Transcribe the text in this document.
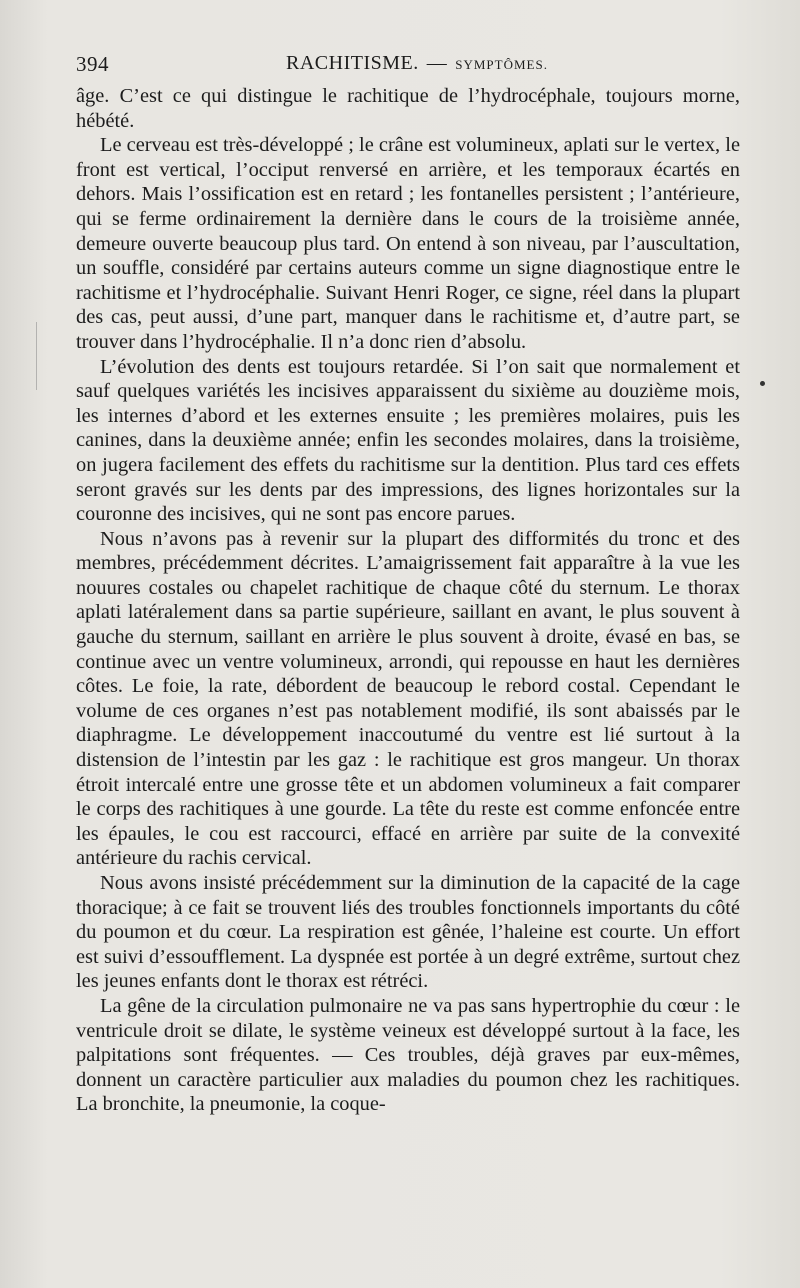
394	RACHITISME. — SYMPTÔMES.

âge. C’est ce qui distingue le rachitique de l’hydrocéphale, toujours morne, hébété.

Le cerveau est très-développé ; le crâne est volumineux, aplati sur le vertex, le front est vertical, l’occiput renversé en arrière, et les temporaux écartés en dehors. Mais l’ossification est en retard ; les fontanelles persistent ; l’antérieure, qui se ferme ordinairement la dernière dans le cours de la troisième année, demeure ouverte beaucoup plus tard. On entend à son niveau, par l’auscultation, un souffle, considéré par certains auteurs comme un signe diagnostique entre le rachitisme et l’hydrocéphalie. Suivant Henri Roger, ce signe, réel dans la plupart des cas, peut aussi, d’une part, manquer dans le rachitisme et, d’autre part, se trouver dans l’hydrocéphalie. Il n’a donc rien d’absolu.

L’évolution des dents est toujours retardée. Si l’on sait que normalement et sauf quelques variétés les incisives apparaissent du sixième au douzième mois, les internes d’abord et les externes ensuite ; les premières molaires, puis les canines, dans la deuxième année; enfin les secondes molaires, dans la troisième, on jugera facilement des effets du rachitisme sur la dentition. Plus tard ces effets seront gravés sur les dents par des impressions, des lignes horizontales sur la couronne des incisives, qui ne sont pas encore parues.

Nous n’avons pas à revenir sur la plupart des difformités du tronc et des membres, précédemment décrites. L’amaigrissement fait apparaître à la vue les nouures costales ou chapelet rachitique de chaque côté du sternum. Le thorax aplati latéralement dans sa partie supérieure, saillant en avant, le plus souvent à gauche du sternum, saillant en arrière le plus souvent à droite, évasé en bas, se continue avec un ventre volumineux, arrondi, qui repousse en haut les dernières côtes. Le foie, la rate, débordent de beaucoup le rebord costal. Cependant le volume de ces organes n’est pas notablement modifié, ils sont abaissés par le diaphragme. Le développement inaccoutumé du ventre est lié surtout à la distension de l’intestin par les gaz : le rachitique est gros mangeur. Un thorax étroit intercalé entre une grosse tête et un abdomen volumineux a fait comparer le corps des rachitiques à une gourde. La tête du reste est comme enfoncée entre les épaules, le cou est raccourci, effacé en arrière par suite de la convexité antérieure du rachis cervical.

Nous avons insisté précédemment sur la diminution de la capacité de la cage thoracique; à ce fait se trouvent liés des troubles fonctionnels importants du côté du poumon et du cœur. La respiration est gênée, l’haleine est courte. Un effort est suivi d’essoufflement. La dyspnée est portée à un degré extrême, surtout chez les jeunes enfants dont le thorax est rétréci.

La gêne de la circulation pulmonaire ne va pas sans hypertrophie du cœur : le ventricule droit se dilate, le système veineux est développé surtout à la face, les palpitations sont fréquentes. — Ces troubles, déjà graves par eux-mêmes, donnent un caractère particulier aux maladies du poumon chez les rachitiques. La bronchite, la pneumonie, la coque-
